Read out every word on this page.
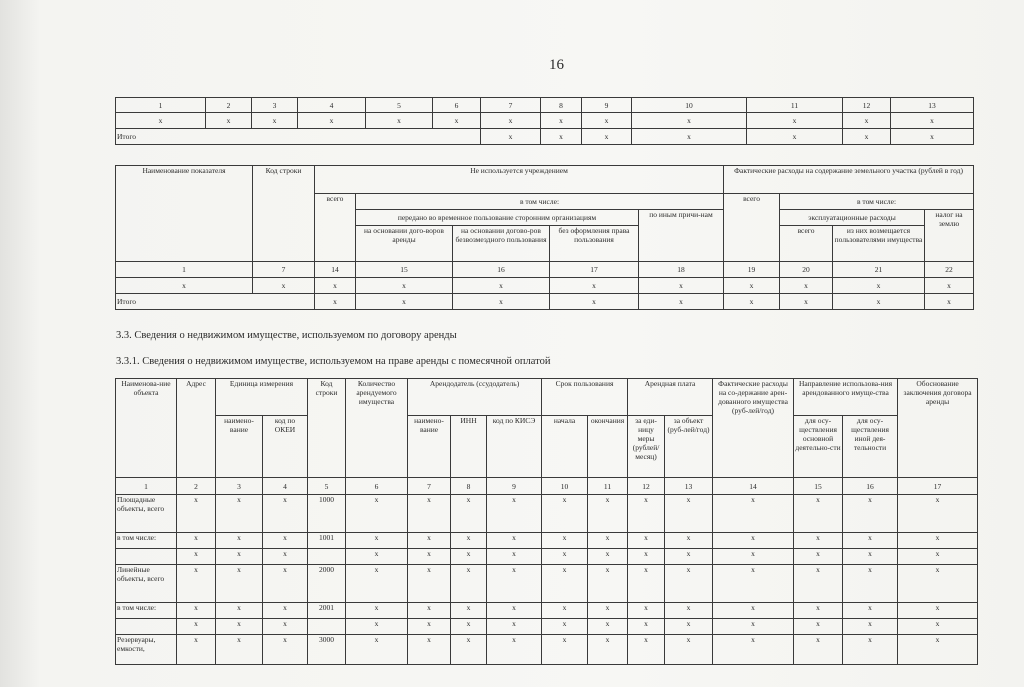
16
1	2	3	4	5	6	7	8	9	10	11	12	13
x	x	x	x	x	x	x	x	x	x	x	x	x
Итого						x	x	x	x	x	x	x
Наименование показателя	Код строки	Не используется учреждением					Фактические расходы на содержание земельного участка (рублей в год)			
		всего	в том числе:				всего	в том числе:		
			передано во временное пользование сторонним организациям			по иным причи-нам		эксплуатационные расходы		налог на землю
			на основании дого-воров аренды	на основании догово-ров безвозмездного пользования	без оформления права пользования			всего	из них возмещается пользователями имущества	
1	7	14	15	16	17	18	19	20	21	22
x	x	x	x	x	x	x	x	x	x	x
Итого		x	x	x	x	x	x	x	x	x
3.3. Сведения о недвижимом имуществе, используемом по договору аренды
3.3.1. Сведения о недвижимом имуществе, используемом на праве аренды с помесячной оплатой
Наименова-ние объекта	Адрес	Единица измерения		Код строки	Количество арендуемого имущества	Арендодатель (ссудодатель)			Срок пользования		Арендная плата		Фактические расходы на со-держание арен-дованного имущества (руб-лей/год)	Направление использова-ния арендованного имуще-ства		Обоснование заключения договора аренды
		наимено-вание	код по ОКЕИ			наимено-вание	ИНН	код по КИСЭ	начала	окончания	за еди-ницу меры (рублей/ месяц)	за объект (руб-лей/год)		для осу-ществления основной деятельно-сти	для осу-ществления иной дея-тельности	
1	2	3	4	5	6	7	8	9	10	11	12	13	14	15	16	17
Площадные объекты, всего	x	x	x	1000	x	x	x	x	x	x	x	x	x	x	x	x
в том числе:	x	x	x	1001	x	x	x	x	x	x	x	x	x	x	x	x
	x	x	x		x	x	x	x	x	x	x	x	x	x	x	x
Линейные объекты, всего	x	x	x	2000	x	x	x	x	x	x	x	x	x	x	x	x
в том числе:	x	x	x	2001	x	x	x	x	x	x	x	x	x	x	x	x
	x	x	x		x	x	x	x	x	x	x	x	x	x	x	x
Резервуары, емкости,	x	x	x	3000	x	x	x	x	x	x	x	x	x	x	x	x
